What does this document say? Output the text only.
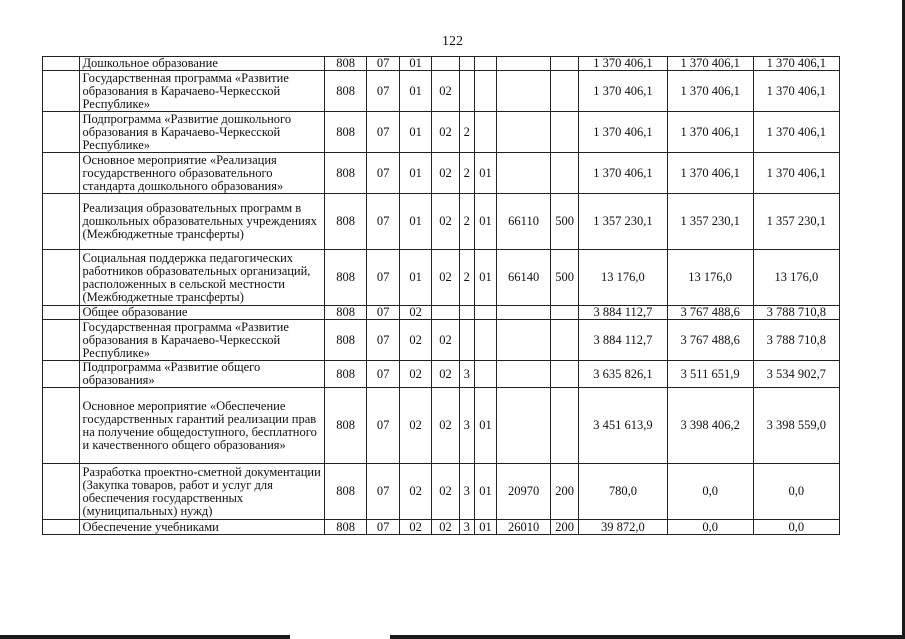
122
	Дошкольное образование	808	07	01						1 370 406,1	1 370 406,1	1 370 406,1
	Государственная программа «Развитие образования в Карачаево-Черкесской Республике»	808	07	01	02					1 370 406,1	1 370 406,1	1 370 406,1
	Подпрограмма «Развитие дошкольного образования в Карачаево-Черкесской Республике»	808	07	01	02	2				1 370 406,1	1 370 406,1	1 370 406,1
	Основное мероприятие «Реализация государственного образовательного стандарта дошкольного образования»	808	07	01	02	2	01			1 370 406,1	1 370 406,1	1 370 406,1
	Реализация образовательных программ в дошкольных образовательных учреждениях (Межбюджетные трансферты)	808	07	01	02	2	01	66110	500	1 357 230,1	1 357 230,1	1 357 230,1
	Социальная поддержка педагогических работников образовательных организаций, расположенных в сельской местности (Межбюджетные трансферты)	808	07	01	02	2	01	66140	500	13 176,0	13 176,0	13 176,0
	Общее образование	808	07	02						3 884 112,7	3 767 488,6	3 788 710,8
	Государственная программа «Развитие образования в Карачаево-Черкесской Республике»	808	07	02	02					3 884 112,7	3 767 488,6	3 788 710,8
	Подпрограмма «Развитие общего образования»	808	07	02	02	3				3 635 826,1	3 511 651,9	3 534 902,7
	Основное мероприятие «Обеспечение государственных гарантий реализации прав на получение общедоступного, бесплатного и качественного общего образования»	808	07	02	02	3	01			3 451 613,9	3 398 406,2	3 398 559,0
	Разработка проектно-сметной документации (Закупка товаров, работ и услуг для обеспечения государственных (муниципальных) нужд)	808	07	02	02	3	01	20970	200	780,0	0,0	0,0
	Обеспечение учебниками	808	07	02	02	3	01	26010	200	39 872,0	0,0	0,0
